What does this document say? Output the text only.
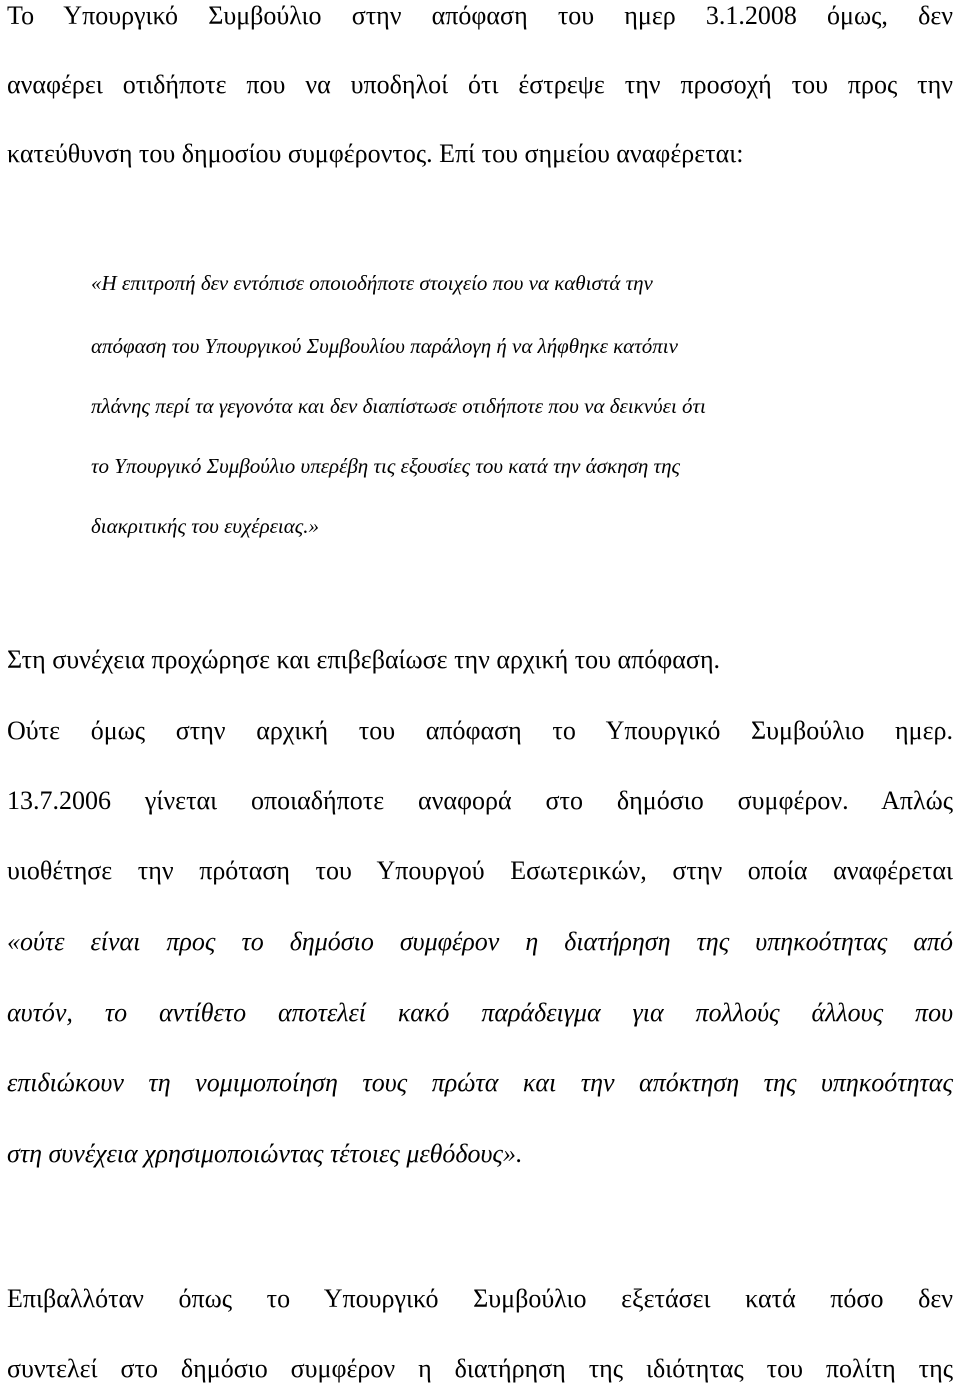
Το Υπουργικό Συμβούλιο στην απόφαση του ημερ 3.1.2008 όμως, δεν

αναφέρει οτιδήποτε που να υποδηλοί ότι έστρεψε την προσοχή του προς την

κατεύθυνση του δημοσίου συμφέροντος. Επί του σημείου αναφέρεται:

«Η επιτροπή δεν εντόπισε οποιοδήποτε στοιχείο που να καθιστά την

απόφαση του Υπουργικού Συμβουλίου παράλογη ή να λήφθηκε κατόπιν

πλάνης περί τα γεγονότα και δεν διαπίστωσε οτιδήποτε που να δεικνύει ότι

το Υπουργικό Συμβούλιο υπερέβη τις εξουσίες του κατά την άσκηση της

διακριτικής του ευχέρειας.»

Στη συνέχεια προχώρησε και επιβεβαίωσε την αρχική του απόφαση.

Ούτε όμως στην αρχική του απόφαση το Υπουργικό Συμβούλιο ημερ.

13.7.2006 γίνεται οποιαδήποτε αναφορά στο δημόσιο συμφέρον. Απλώς

υιοθέτησε την πρόταση του Υπουργού Εσωτερικών, στην οποία αναφέρεται

«ούτε είναι προς το δημόσιο συμφέρον η διατήρηση της υπηκοότητας από

αυτόν, το αντίθετο αποτελεί κακό παράδειγμα για πολλούς άλλους που

επιδιώκουν τη νομιμοποίηση τους πρώτα και την απόκτηση της υπηκοότητας

στη συνέχεια χρησιμοποιώντας τέτοιες μεθόδους».

Επιβαλλόταν όπως το Υπουργικό Συμβούλιο εξετάσει κατά πόσο δεν

συντελεί στο δημόσιο συμφέρον η διατήρηση της ιδιότητας του πολίτη της
